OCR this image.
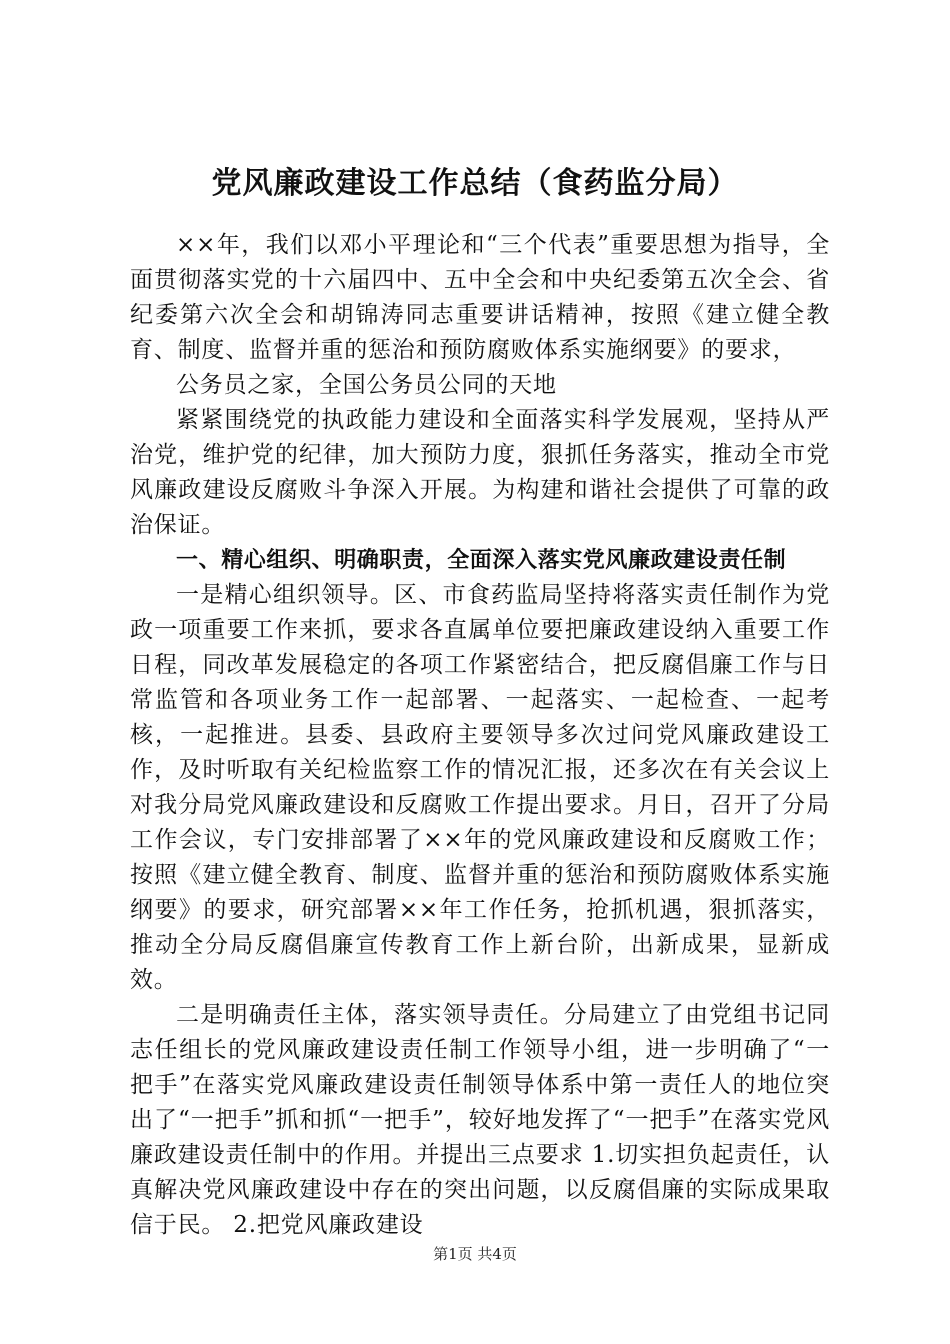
党风廉政建设工作总结（食药监分局）

××年，我们以邓小平理论和“三个代表”重要思想为指导，全面贯彻落实党的十六届四中、五中全会和中央纪委第五次全会、省纪委第六次全会和胡锦涛同志重要讲话精神，按照《建立健全教育、制度、监督并重的惩治和预防腐败体系实施纲要》的要求，

公务员之家，全国公务员公同的天地

紧紧围绕党的执政能力建设和全面落实科学发展观，坚持从严治党，维护党的纪律，加大预防力度，狠抓任务落实，推动全市党风廉政建设反腐败斗争深入开展。为构建和谐社会提供了可靠的政治保证。

一、精心组织、明确职责，全面深入落实党风廉政建设责任制

一是精心组织领导。区、市食药监局坚持将落实责任制作为党政一项重要工作来抓，要求各直属单位要把廉政建设纳入重要工作日程，同改革发展稳定的各项工作紧密结合，把反腐倡廉工作与日常监管和各项业务工作一起部署、一起落实、一起检查、一起考核，一起推进。县委、县政府主要领导多次过问党风廉政建设工作，及时听取有关纪检监察工作的情况汇报，还多次在有关会议上对我分局党风廉政建设和反腐败工作提出要求。月日，召开了分局工作会议，专门安排部署了××年的党风廉政建设和反腐败工作；按照《建立健全教育、制度、监督并重的惩治和预防腐败体系实施纲要》的要求，研究部署××年工作任务，抢抓机遇，狠抓落实，推动全分局反腐倡廉宣传教育工作上新台阶，出新成果，显新成效。

二是明确责任主体，落实领导责任。分局建立了由党组书记同志任组长的党风廉政建设责任制工作领导小组，进一步明确了“一把手”在落实党风廉政建设责任制领导体系中第一责任人的地位突出了“一把手”抓和抓“一把手”，较好地发挥了“一把手”在落实党风廉政建设责任制中的作用。并提出三点要求 1.切实担负起责任，认真解决党风廉政建设中存在的突出问题，以反腐倡廉的实际成果取信于民。 2.把党风廉政建设

第1页 共4页
